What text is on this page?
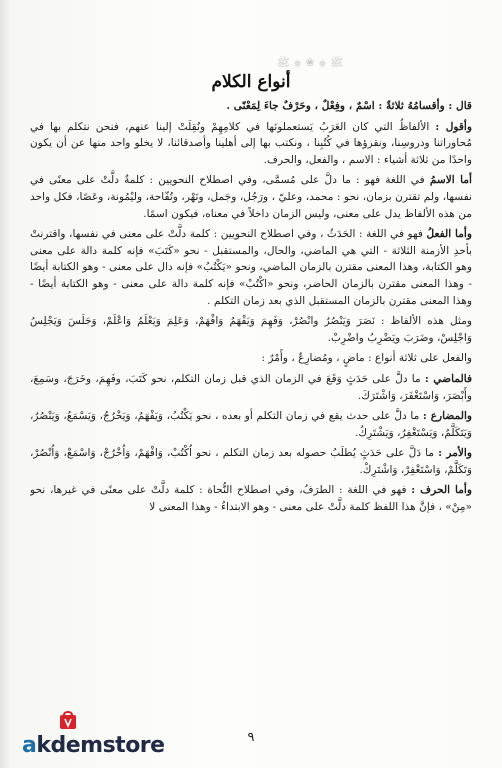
ﷺ ۞ ❀ ۞ ﷺ
أنواع الكلام

قال : وأقسامُهُ ثلاثةٌ : اسْمٌ ، وفِعْلٌ ، وحَرْفٌ جاءَ لِمَعْنًى .

وأقول : الألفاظُ التي كان العَرَبُ يَستعملونَها في كلامِهِمْ ونُقِلَتْ إلينا عنهم، فنحن نتكلم بها في مُحاوراتنا ودروسِنا، ونقرؤها في كُتُبِنا ، ونكتب بها إلى أهلينا وأصدقائنا، لا يخلو واحد منها عن أن يكون واحدًا من ثلاثة أشياء : الاسم ، والفعل، والحرف.

أما الاسمُ في اللغة فهو : ما دلَّ على مُسمَّى، وفي اصطلاح النحويين : كلمةٌ دلَّتْ على معنًى في نفسها، ولم تقترن بزمان، نحو : محمد، وعليّ ، ورَجُل، وجَمل، ونَهْر، وتُفّاحة، وليْمُونة، وعَصًا، فكل واحد من هذه الألفاظ يدل على معنى، وليس الزمان داخلاً في معناه، فيكون اسمًا.

وأما الفعلُ فهو في اللغة : الحَدَثُ ، وفي اصطلاح النحويين : كلمة دلَّتْ على معنى في نفسها، واقترنتْ بأحدِ الأزمنة الثلاثة - التي هي الماضي، والحال، والمستقبل - نحو «كَتَبَ» فإنه كلمة دالة على معنى وهو الكتابة، وهذا المعنى مقترن بالزمان الماضي، ونحو «يَكْتُبُ» فإنه دال على معنى - وهو الكتابة أيضًا - وهذا المعنى مقترن بالزمان الحاضر، ونحو «اكْتُبْ» فإنه كلمة دالة على معنى - وهو الكتابة أيضًا - وهذا المعنى مقترن بالزمان المستقبل الذي بعد زمان التكلم .

ومثل هذه الألفاظ : نَصَرَ وَيَنْصُرُ وانْصُرْ، وَفَهِمَ وَيَفْهَمُ وَافْهَمْ، وَعَلِمَ وَيَعْلَمُ وَاعْلَمْ، وَجَلَسَ وَيَجْلِسُ وَاجْلِسْ، وضَرَبَ ويَضْرِبُ واضْرِبْ.

والفعل على ثلاثة أنواع : ماضٍ ، ومُضارِعٌ ، وأَمْرٌ :

فالماضي : ما دلَّ على حَدَثٍ وَقَعَ في الزمان الذي قبل زمان التكلم، نحو كَتَبَ، وفَهِمَ، وخَرَجَ، وسَمِعَ، وأَبْصَرَ، وَاسْتَغْفَرَ، وَاشْتَرَكَ.

والمضارع : ما دلَّ على حدث يقع في زمان التكلم أو بعده ، نحو يَكْتُبُ، وَيَفْهَمُ، وَيَخْرُجُ، وَيَسْمَعُ، وَيَنْصُرُ، وَيَتَكَلَّمُ، وَيَسْتَغْفِرُ، وَيَشْتَرِكُ.

والأمر : ما دَلَّ على حَدَثٍ يُطلَبُ حصوله بعد زمان التكلم ، نحو اُكْتُبْ، وَافْهَمْ، وَاُخْرُجْ، وَاسْمَعْ، وَاُنْصُرْ، وَتَكَلَّمْ، وَاسْتَغْفِرْ، وَاشْتَرِكْ.

وأما الحرف : فهو في اللغة : الطرَفُ، وفي اصطلاح النُّحاة : كلمة دلَّتْ على معنًى في غيرها، نحو «مِنْ» ، فإنَّ هذا اللفظ كلمة دلَّتْ على معنى - وهو الابتداءُ - وهذا المعنى لا

٩
akdemstore
